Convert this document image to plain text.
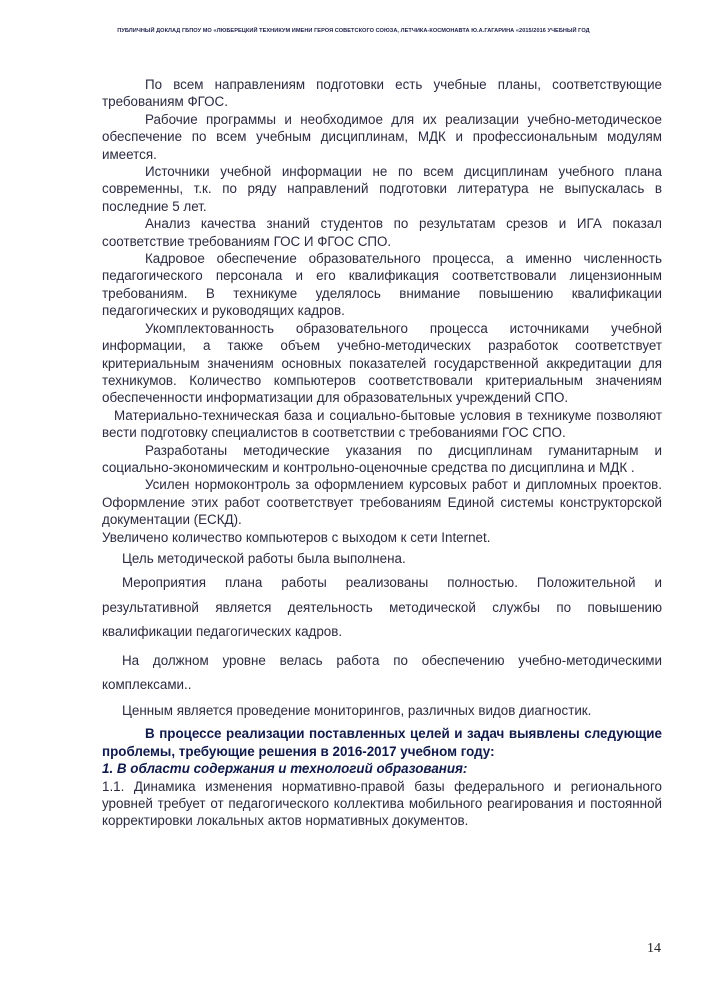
ПУБЛИЧНЫЙ ДОКЛАД ГБПОУ МО «ЛЮБЕРЕЦКИЙ ТЕХНИКУМ ИМЕНИ ГЕРОЯ СОВЕТСКОГО СОЮЗА, ЛЕТЧИКА-КОСМОНАВТА Ю.А.ГАГАРИНА «2015/2016 УЧЕБНЫЙ ГОД

По всем направлениям подготовки есть учебные планы, соответствующие требованиям ФГОС.

Рабочие программы и необходимое для их реализации учебно-методическое обеспечение по всем учебным дисциплинам, МДК и профессиональным модулям имеется.

Источники учебной информации не по всем дисциплинам учебного плана современны, т.к. по ряду направлений подготовки литература не выпускалась в последние 5 лет.

Анализ качества знаний студентов по результатам срезов и ИГА показал соответствие требованиям ГОС И ФГОС СПО.

Кадровое обеспечение образовательного процесса, а именно численность педагогического персонала и его квалификация соответствовали лицензионным требованиям. В техникуме уделялось внимание повышению квалификации педагогических и руководящих кадров.

Укомплектованность образовательного процесса источниками учебной информации, а также объем учебно-методических разработок соответствует критериальным значениям основных показателей государственной аккредитации для техникумов. Количество компьютеров соответствовали критериальным значениям обеспеченности информатизации для образовательных учреждений СПО.

Материально-техническая база и социально-бытовые условия в техникуме позволяют вести подготовку специалистов в соответствии с требованиями ГОС СПО.

Разработаны методические указания по дисциплинам гуманитарным и социально-экономическим и контрольно-оценочные средства по дисциплина и МДК .

Усилен нормоконтроль за оформлением курсовых работ и дипломных проектов. Оформление этих работ соответствует требованиям Единой системы конструкторской документации (ЕСКД).

Увеличено количество компьютеров с выходом к сети Internet.

Цель методической работы была выполнена.

Мероприятия плана работы реализованы полностью. Положительной и результативной является деятельность методической службы по повышению квалификации педагогических кадров.

На должном уровне велась работа по обеспечению учебно-методическими комплексами..

Ценным является проведение мониторингов, различных видов диагностик.

В процессе реализации поставленных целей и задач выявлены следующие проблемы, требующие решения в 2016-2017 учебном году:

1. В области содержания и технологий образования:

1.1. Динамика изменения нормативно-правой базы федерального и регионального уровней требует от педагогического коллектива мобильного реагирования и постоянной корректировки локальных актов нормативных документов.

14
